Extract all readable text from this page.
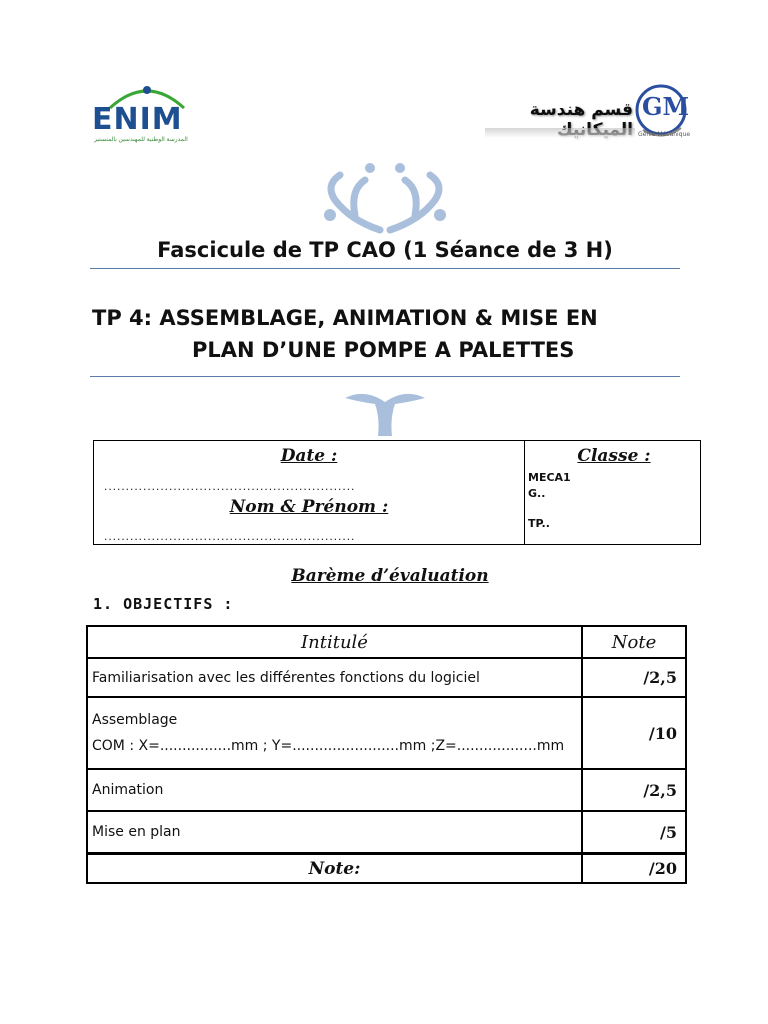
ENIM
المدرسة الوطنية للمهندسين بالمنستير
قسم هندسة	GM
Génie Mécanique
Fascicule de TP CAO (1 Séance de 3 H)
TP 4: ASSEMBLAGE, ANIMATION & MISE EN
PLAN D’UNE POMPE A PALETTES
Date :
..........................................................
Nom & Prénom :
..........................................................
Classe :
MECA1
G..
TP..
Barème d’évaluation
1. OBJECTIFS :
Intitulé	Note
Familiarisation avec les différentes fonctions du logiciel	/2,5

Assemblage
COM : X=................mm ; Y=........................mm ;Z=..................mm	/10
Animation	/2,5
Mise en plan	/5
Note:	/20
